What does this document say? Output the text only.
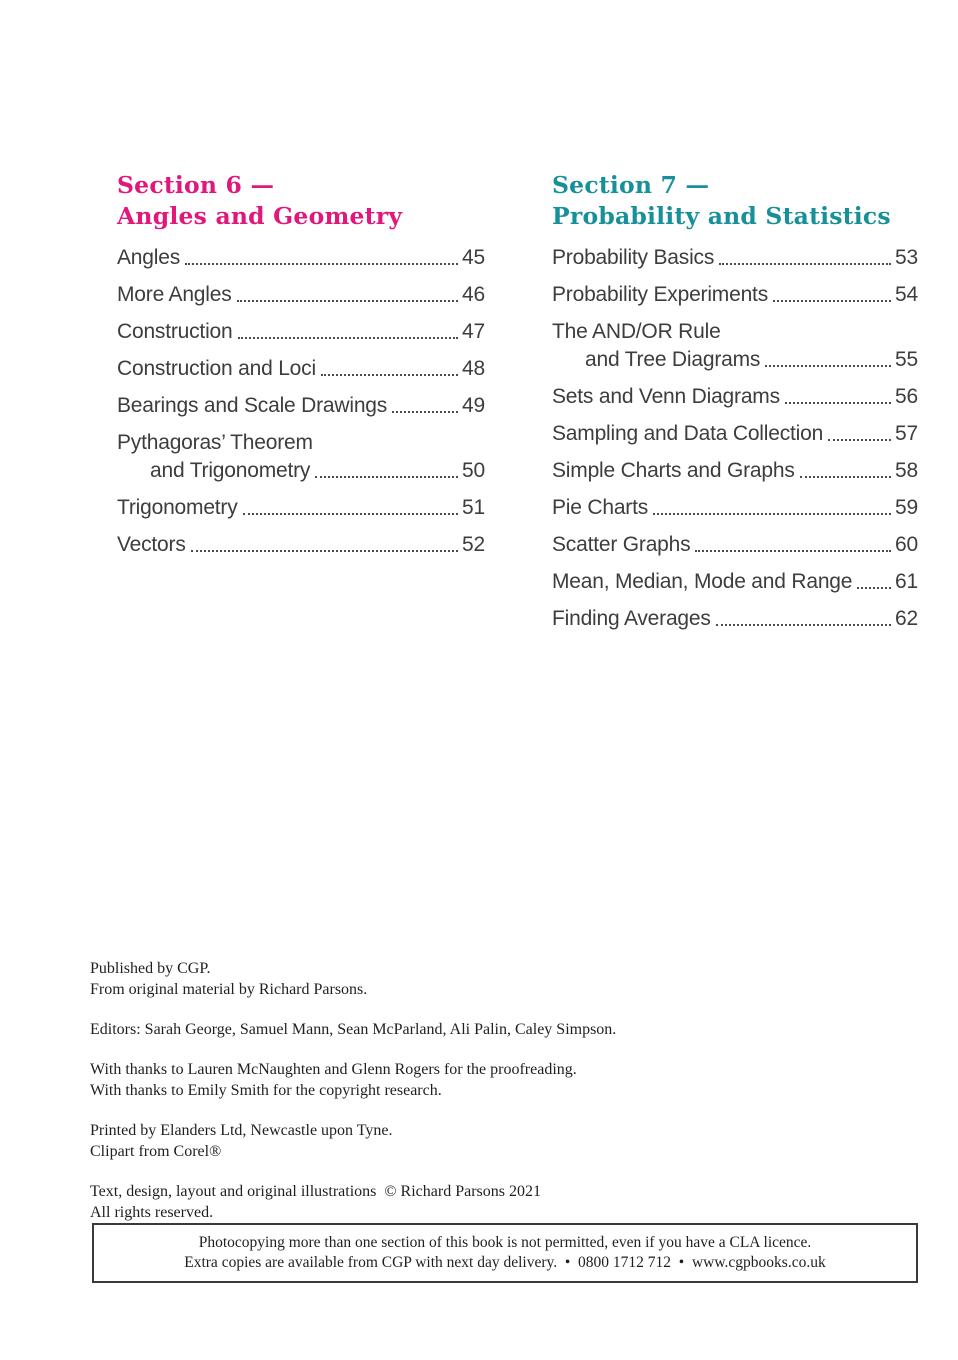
Section 6 —
Angles and Geometry
Angles	45
More Angles	46
Construction	47
Construction and Loci	48
Bearings and Scale Drawings	49
Pythagoras’ Theorem
and Trigonometry	50
Trigonometry	51
Vectors	52
Section 7 —
Probability and Statistics
Probability Basics	53
Probability Experiments	54
The AND/OR Rule
and Tree Diagrams	55
Sets and Venn Diagrams	56
Sampling and Data Collection	57
Simple Charts and Graphs	58
Pie Charts	59
Scatter Graphs	60
Mean, Median, Mode and Range 61
Finding Averages	62
Published by CGP.
From original material by Richard Parsons.
Editors: Sarah George, Samuel Mann, Sean McParland, Ali Palin, Caley Simpson.
With thanks to Lauren McNaughten and Glenn Rogers for the proofreading.
With thanks to Emily Smith for the copyright research.
Printed by Elanders Ltd, Newcastle upon Tyne.
Clipart from Corel®
Text, design, layout and original illustrations  © Richard Parsons 2021
All rights reserved.
Photocopying more than one section of this book is not permitted, even if you have a CLA licence.
Extra copies are available from CGP with next day delivery.  •  0800 1712 712  •  www.cgpbooks.co.uk
